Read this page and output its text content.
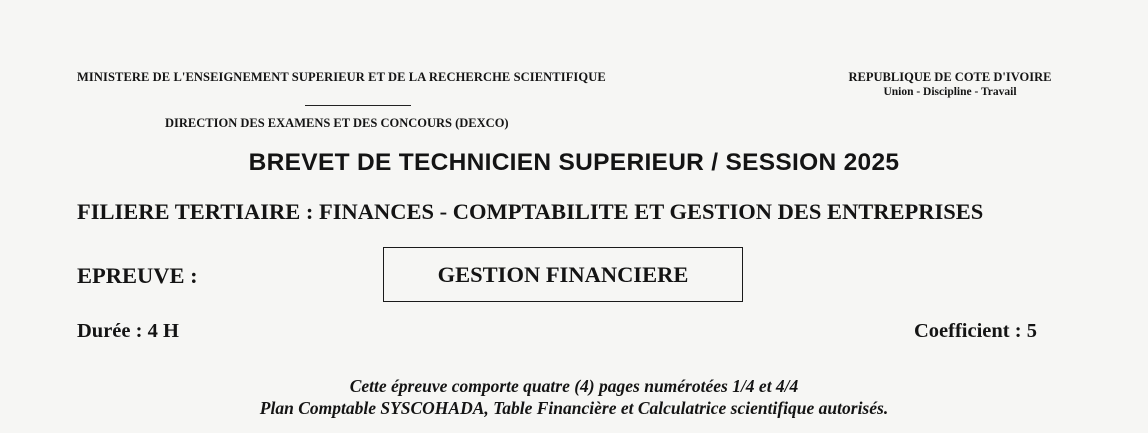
MINISTERE DE L'ENSEIGNEMENT SUPERIEUR ET DE LA RECHERCHE SCIENTIFIQUE
DIRECTION DES EXAMENS ET DES CONCOURS (DEXCO)
REPUBLIQUE DE COTE D'IVOIRE
Union - Discipline - Travail
BREVET DE TECHNICIEN SUPERIEUR / SESSION 2025
FILIERE TERTIAIRE : FINANCES - COMPTABILITE ET GESTION DES ENTREPRISES
EPREUVE :	GESTION FINANCIERE
Durée : 4 H	Coefficient : 5
Cette épreuve comporte quatre (4) pages numérotées 1/4 et 4/4
Plan Comptable SYSCOHADA, Table Financière et Calculatrice scientifique autorisés.
